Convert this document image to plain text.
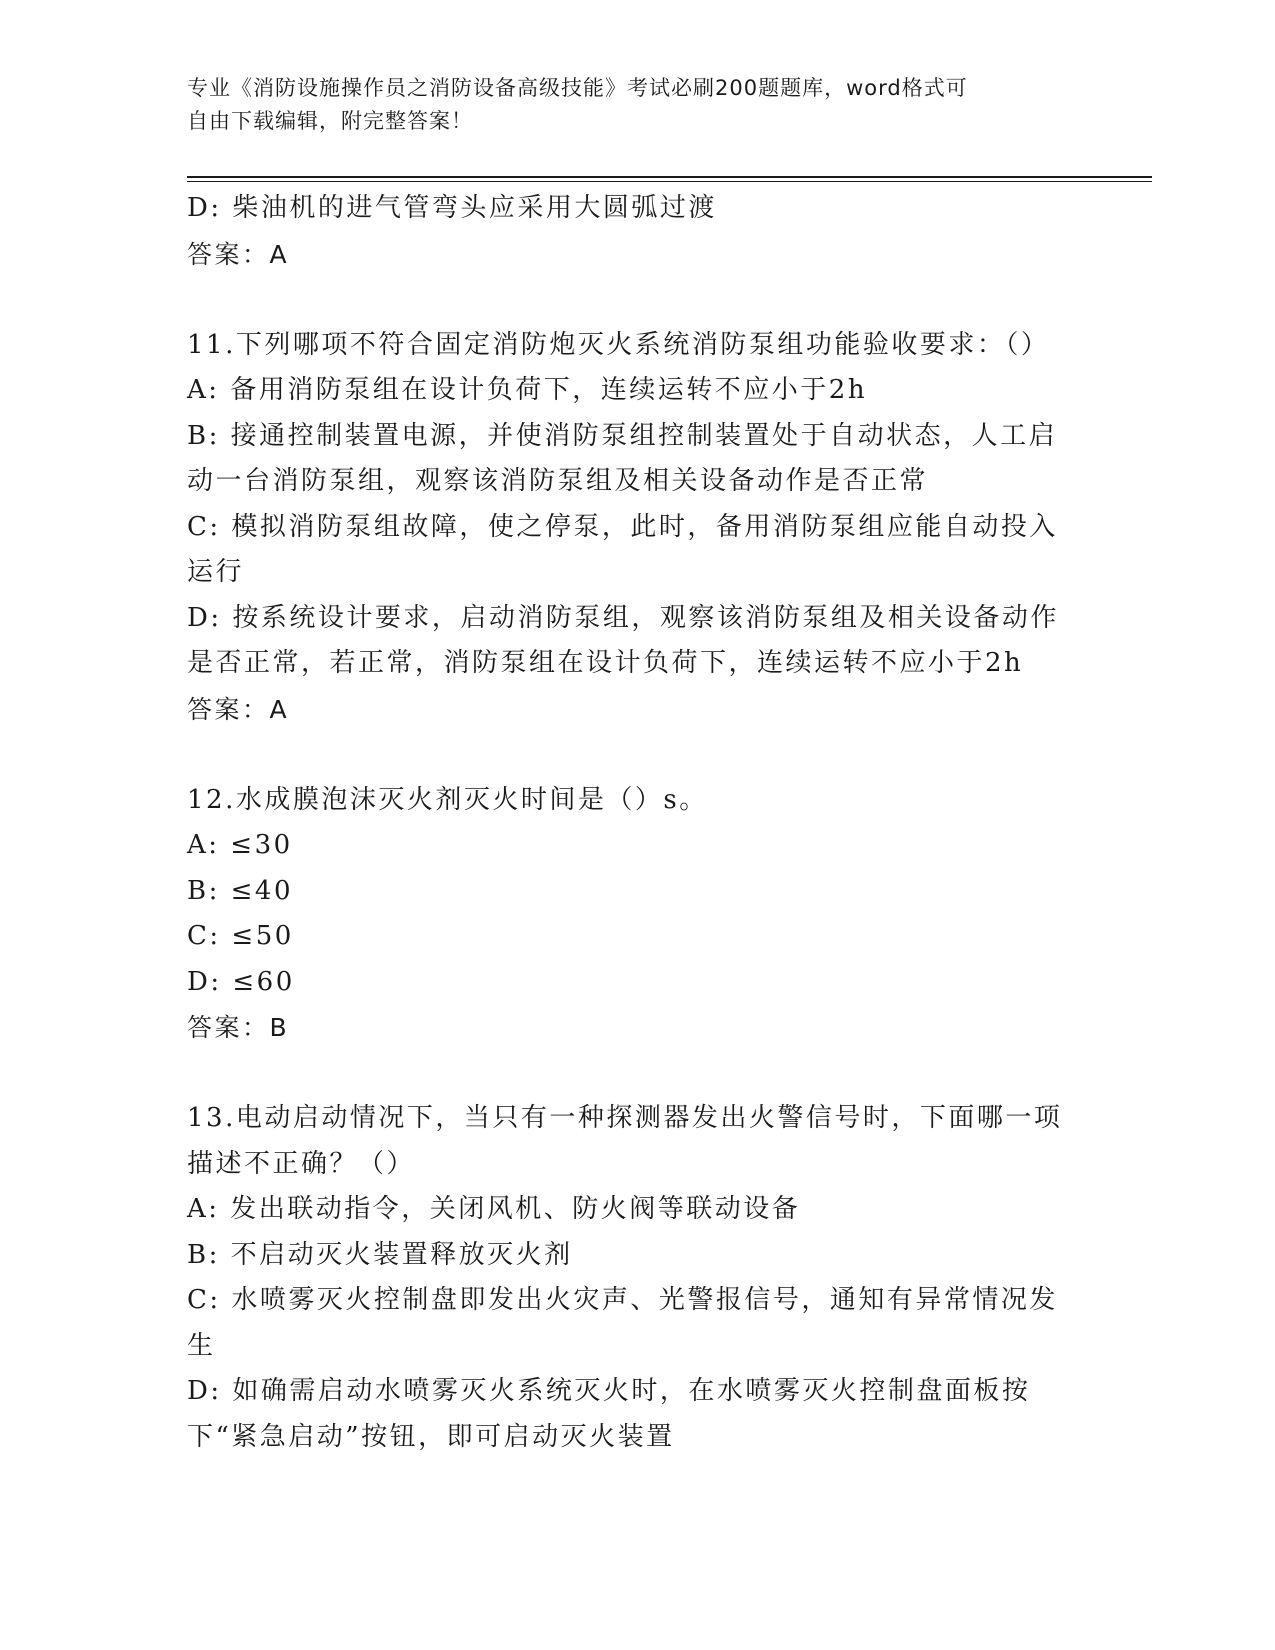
专业《消防设施操作员之消防设备高级技能》考试必刷200题题库，word格式可
自由下载编辑，附完整答案！

D: 柴油机的进气管弯头应采用大圆弧过渡

答案：A

11.下列哪项不符合固定消防炮灭火系统消防泵组功能验收要求：（）

A: 备用消防泵组在设计负荷下，连续运转不应小于2h

B: 接通控制装置电源，并使消防泵组控制装置处于自动状态，人工启动一台消防泵组，观察该消防泵组及相关设备动作是否正常

C: 模拟消防泵组故障，使之停泵，此时，备用消防泵组应能自动投入运行

D: 按系统设计要求，启动消防泵组，观察该消防泵组及相关设备动作是否正常，若正常，消防泵组在设计负荷下，连续运转不应小于2h

答案：A

12.水成膜泡沫灭火剂灭火时间是（）s。

A: ≤30

B: ≤40

C: ≤50

D: ≤60

答案：B

13.电动启动情况下，当只有一种探测器发出火警信号时，下面哪一项描述不正确？（）

A: 发出联动指令，关闭风机、防火阀等联动设备

B: 不启动灭火装置释放灭火剂

C: 水喷雾灭火控制盘即发出火灾声、光警报信号，通知有异常情况发生

D: 如确需启动水喷雾灭火系统灭火时，在水喷雾灭火控制盘面板按下“紧急启动”按钮，即可启动灭火装置
